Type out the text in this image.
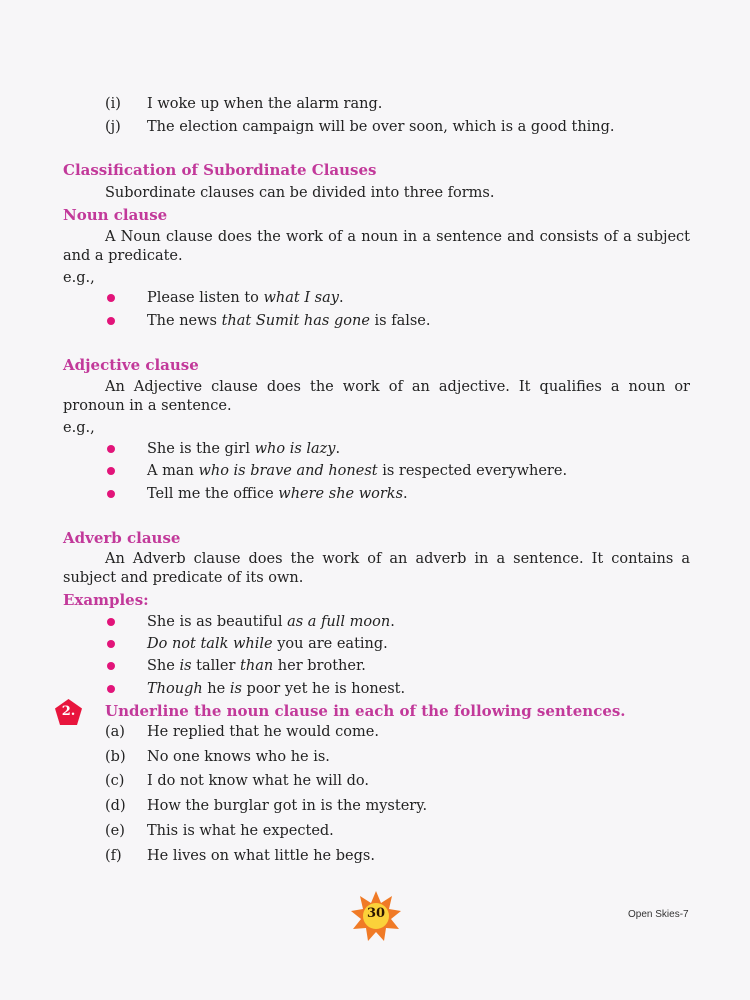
(i) I woke up when the alarm rang.
(j) The election campaign will be over soon, which is a good thing.
Classification of Subordinate Clauses
Subordinate clauses can be divided into three forms.
Noun clause
A Noun clause does the work of a noun in a sentence and consists of a subject and a predicate.
e.g.,
Please listen to what I say.
The news that Sumit has gone is false.
Adjective clause
An Adjective clause does the work of an adjective. It qualifies a noun or pronoun in a sentence.
e.g.,
She is the girl who is lazy.
A man who is brave and honest is respected everywhere.
Tell me the office where she works.
Adverb clause
An Adverb clause does the work of an adverb in a sentence. It contains a subject and predicate of its own.
Examples:
She is as beautiful as a full moon.
Do not talk while you are eating.
She is taller than her brother.
Though he is poor yet he is honest.
2.	Underline the noun clause in each of the following sentences.
(a) He replied that he would come.
(b) No one knows who he is.
(c) I do not know what he will do.
(d) How the burglar got in is the mystery.
(e) This is what he expected.
(f) He lives on what little he begs.
30	Open Skies-7
